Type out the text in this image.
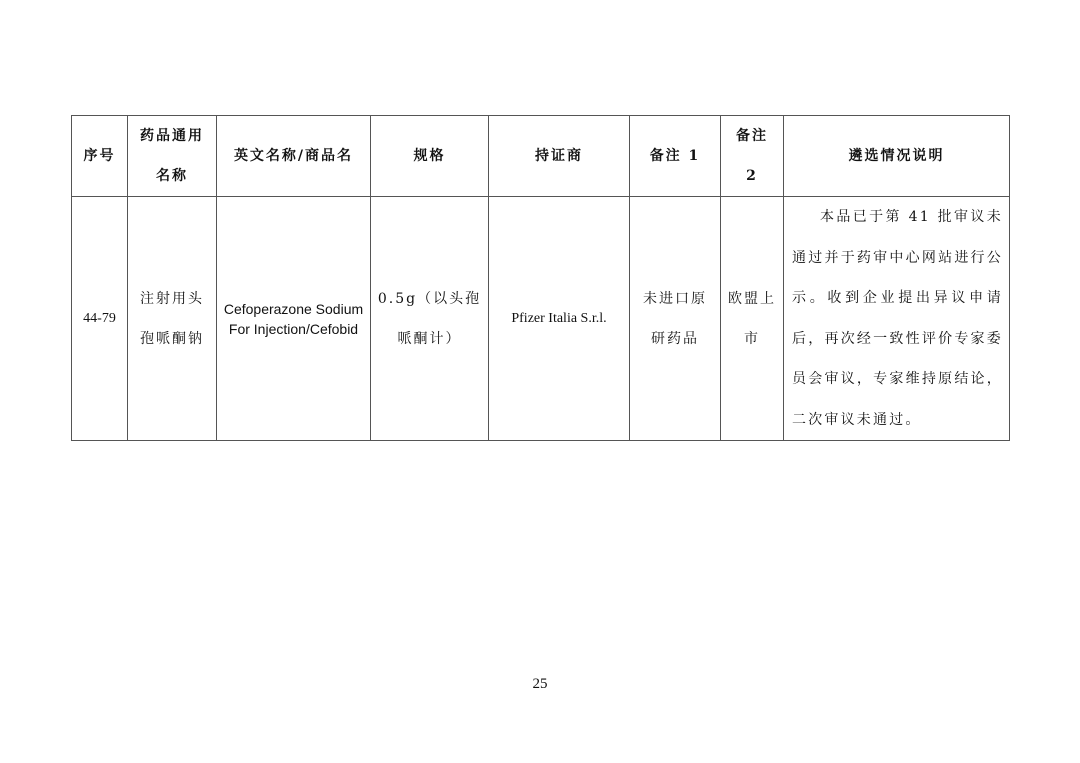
序号	药品通用名称	英文名称/商品名	规格	持证商	备注 1	备注 2	遴选情况说明

44-79	注射用头孢哌酮钠	Cefoperazone Sodium For Injection/Cefobid	0.5g（以头孢哌酮计）	Pfizer Italia S.r.l.	未进口原研药品	欧盟上市	本品已于第 41 批审议未通过并于药审中心网站进行公示。收到企业提出异议申请后，再次经一致性评价专家委员会审议，专家维持原结论，二次审议未通过。
25
